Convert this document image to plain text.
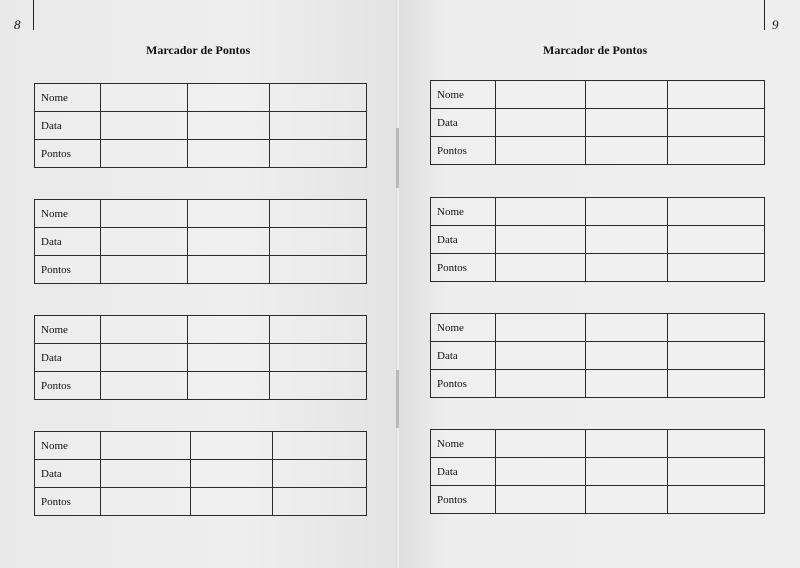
8	9
Marcador de Pontos	Marcador de Pontos
Nome			
Data			
Pontos			
Nome			
Data			
Pontos			
Nome			
Data			
Pontos			
Nome			
Data			
Pontos			
Nome			
Data			
Pontos			
Nome			
Data			
Pontos			
Nome			
Data			
Pontos			
Nome			
Data			
Pontos			
